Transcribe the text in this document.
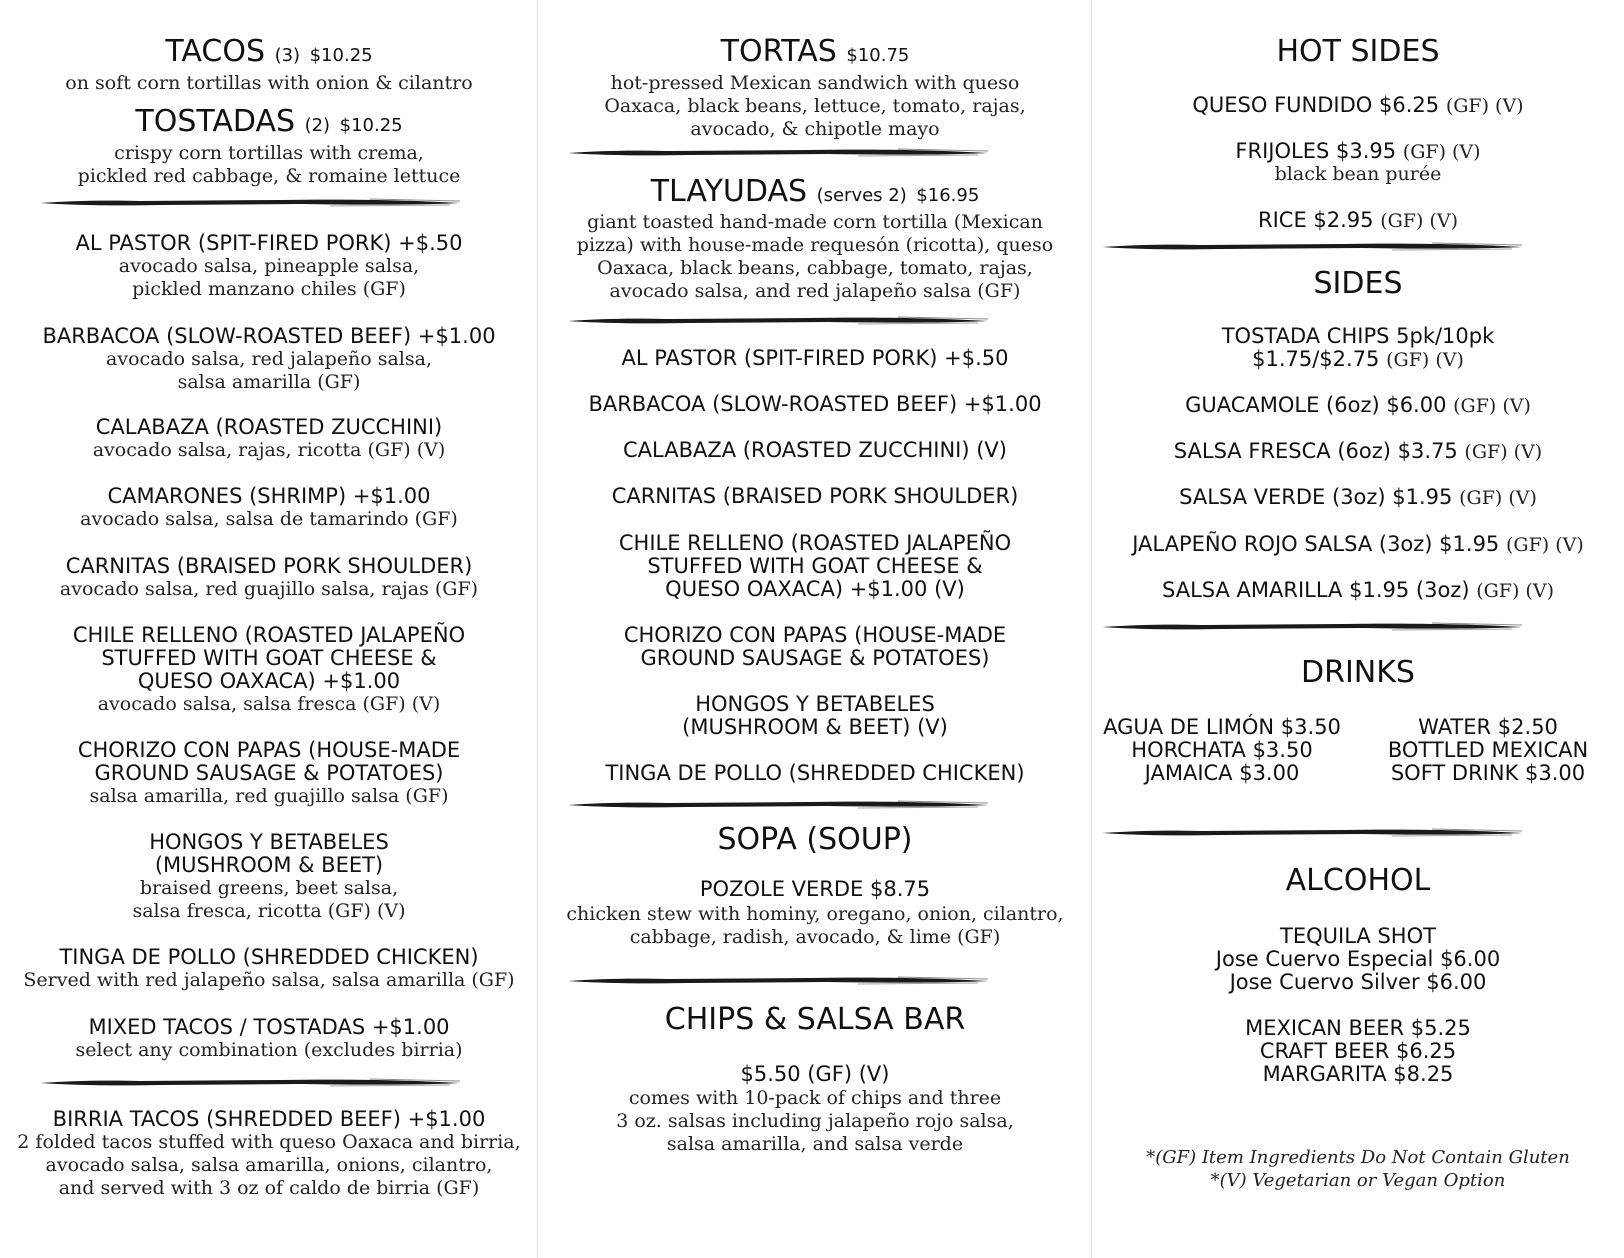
TACOS (3) $10.25
on soft corn tortillas with onion & cilantro
TOSTADAS (2) $10.25
crispy corn tortillas with crema,
pickled red cabbage, & romaine lettuce
AL PASTOR (SPIT-FIRED PORK) +$.50
avocado salsa, pineapple salsa,
pickled manzano chiles (GF)
BARBACOA (SLOW-ROASTED BEEF) +$1.00
avocado salsa, red jalapeño salsa,
salsa amarilla (GF)
CALABAZA (ROASTED ZUCCHINI)
avocado salsa, rajas, ricotta (GF) (V)
CAMARONES (SHRIMP) +$1.00
avocado salsa, salsa de tamarindo (GF)
CARNITAS (BRAISED PORK SHOULDER)
avocado salsa, red guajillo salsa, rajas (GF)
CHILE RELLENO (ROASTED JALAPEÑO
STUFFED WITH GOAT CHEESE &
QUESO OAXACA) +$1.00
avocado salsa, salsa fresca (GF) (V)
CHORIZO CON PAPAS (HOUSE-MADE
GROUND SAUSAGE & POTATOES)
salsa amarilla, red guajillo salsa (GF)
HONGOS Y BETABELES
(MUSHROOM & BEET)
braised greens, beet salsa,
salsa fresca, ricotta (GF) (V)
TINGA DE POLLO (SHREDDED CHICKEN)
Served with red jalapeño salsa, salsa amarilla (GF)
MIXED TACOS / TOSTADAS +$1.00
select any combination (excludes birria)
BIRRIA TACOS (SHREDDED BEEF) +$1.00
2 folded tacos stuffed with queso Oaxaca and birria,
avocado salsa, salsa amarilla, onions, cilantro,
and served with 3 oz of caldo de birria (GF)
TORTAS $10.75
hot-pressed Mexican sandwich with queso
Oaxaca, black beans, lettuce, tomato, rajas,
avocado, & chipotle mayo
TLAYUDAS (serves 2) $16.95
giant toasted hand-made corn tortilla (Mexican
pizza) with house-made requesón (ricotta), queso
Oaxaca, black beans, cabbage, tomato, rajas,
avocado salsa, and red jalapeño salsa (GF)
AL PASTOR (SPIT-FIRED PORK) +$.50
BARBACOA (SLOW-ROASTED BEEF) +$1.00
CALABAZA (ROASTED ZUCCHINI) (V)
CARNITAS (BRAISED PORK SHOULDER)
CHILE RELLENO (ROASTED JALAPEÑO
STUFFED WITH GOAT CHEESE &
QUESO OAXACA) +$1.00 (V)
CHORIZO CON PAPAS (HOUSE-MADE
GROUND SAUSAGE & POTATOES)
HONGOS Y BETABELES
(MUSHROOM & BEET) (V)
TINGA DE POLLO (SHREDDED CHICKEN)
SOPA (SOUP)
POZOLE VERDE $8.75
chicken stew with hominy, oregano, onion, cilantro,
cabbage, radish, avocado, & lime (GF)
CHIPS & SALSA BAR
$5.50 (GF) (V)
comes with 10-pack of chips and three
3 oz. salsas including jalapeño rojo salsa,
salsa amarilla, and salsa verde
HOT SIDES
QUESO FUNDIDO $6.25 (GF) (V)
FRIJOLES $3.95 (GF) (V)
black bean purée
RICE $2.95 (GF) (V)
SIDES
TOSTADA CHIPS 5pk/10pk
$1.75/$2.75 (GF) (V)
GUACAMOLE (6oz) $6.00 (GF) (V)
SALSA FRESCA (6oz) $3.75 (GF) (V)
SALSA VERDE (3oz) $1.95 (GF) (V)
JALAPEÑO ROJO SALSA (3oz) $1.95 (GF) (V)
SALSA AMARILLA $1.95 (3oz) (GF) (V)
DRINKS
AGUA DE LIMÓN $3.50
HORCHATA $3.50
JAMAICA $3.00
WATER $2.50
BOTTLED MEXICAN
SOFT DRINK $3.00
ALCOHOL
TEQUILA SHOT
Jose Cuervo Especial $6.00
Jose Cuervo Silver $6.00
MEXICAN BEER $5.25
CRAFT BEER $6.25
MARGARITA $8.25
*(GF) Item Ingredients Do Not Contain Gluten
*(V) Vegetarian or Vegan Option
